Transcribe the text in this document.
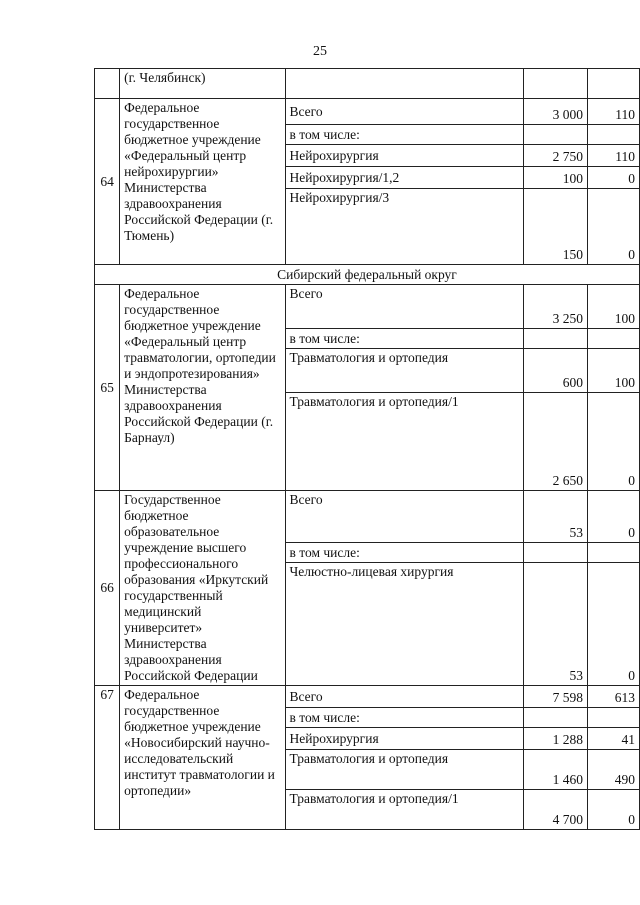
25
	(г. Челябинск)			
64	Федеральное государственное бюджетное учреждение «Федеральный центр нейрохирургии» Министерства здравоохранения Российской Федерации (г. Тюмень)	Всего	3 000	110
		в том числе:		
		Нейрохирургия	2 750	110
		Нейрохирургия/1,2	100	0
		Нейрохирургия/3	150	0
Сибирский федеральный округ				
65	Федеральное государственное бюджетное учреждение «Федеральный центр травматологии, ортопедии и эндопротезирования» Министерства здравоохранения Российской Федерации (г. Барнаул)	Всего	3 250	100
		в том числе:		
		Травматология и ортопедия	600	100
		Травматология и ортопедия/1	2 650	0
66	Государственное бюджетное образовательное учреждение высшего профессионального образования «Иркутский государственный медицинский университет» Министерства здравоохранения Российской Федерации	Всего	53	0
		в том числе:		
		Челюстно-лицевая хирургия	53	0
67	Федеральное государственное бюджетное учреждение «Новосибирский научно-исследовательский институт травматологии и ортопедии»	Всего	7 598	613
		в том числе:		
		Нейрохирургия	1 288	41
		Травматология и ортопедия	1 460	490
		Травматология и ортопедия/1	4 700	0
